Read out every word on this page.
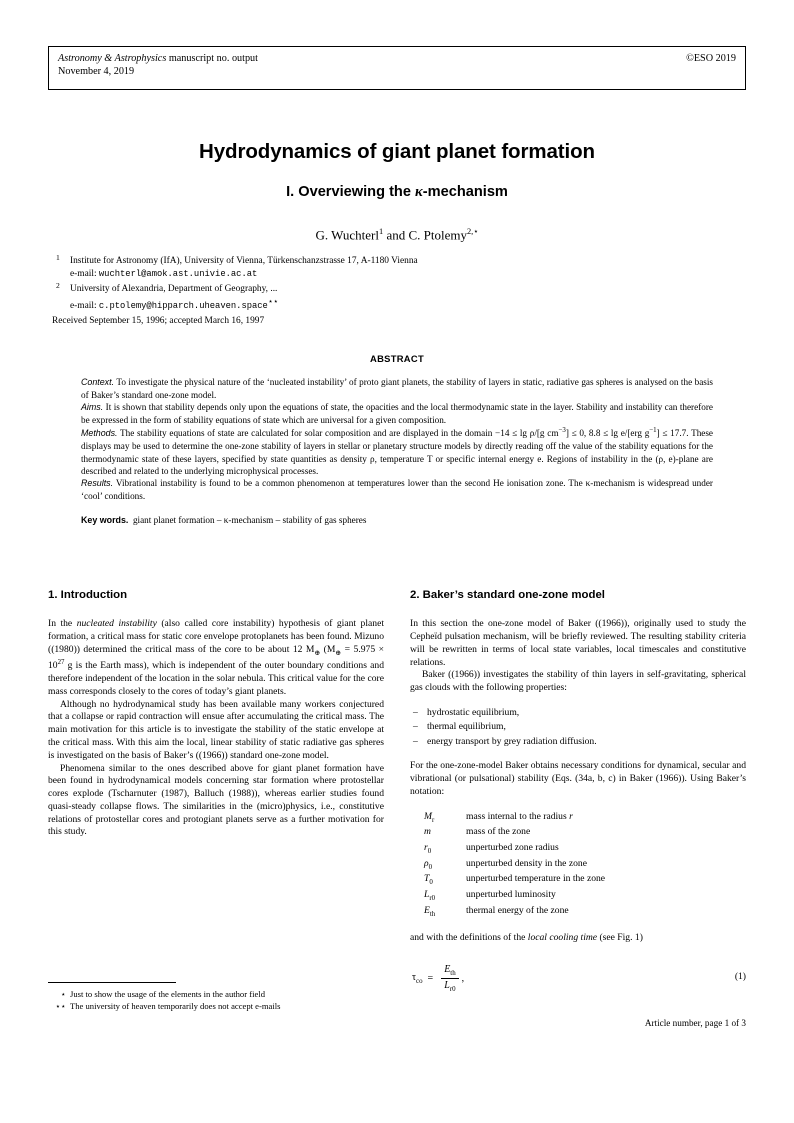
Astronomy & Astrophysics manuscript no. output
November 4, 2019
©ESO 2019
Hydrodynamics of giant planet formation
I. Overviewing the κ-mechanism
G. Wuchterl$^1$ and C. Ptolemy$^{2,⋆}$
1 Institute for Astronomy (IfA), University of Vienna, Türkenschanzstrasse 17, A-1180 Vienna
e-mail: wuchterl@amok.ast.univie.ac.at
2 University of Alexandria, Department of Geography, ...
e-mail: c.ptolemy@hipparch.uheaven.space⋆⋆
Received September 15, 1996; accepted March 16, 1997
ABSTRACT

Context. To investigate the physical nature of the ‘nucleated instability’ of proto giant planets, the stability of layers in static, radiative gas spheres is analysed on the basis of Baker’s standard one-zone model.

Aims. It is shown that stability depends only upon the equations of state, the opacities and the local thermodynamic state in the layer. Stability and instability can therefore be expressed in the form of stability equations of state which are universal for a given composition.

Methods. The stability equations of state are calculated for solar composition and are displayed in the domain −14 ≤ lg ρ/[g $cm^{-3}] \le 0$, 8.8 ≤ lg e/[erg $g^{-1}] \le 17.7$. These displays may be used to determine the one-zone stability of layers in stellar or planetary structure models by directly reading off the value of the stability equations for the thermodynamic state of these layers, specified by state quantities as density ρ, temperature T or specific internal energy e. Regions of instability in the (ρ, e)-plane are described and related to the underlying microphysical processes.

Results. Vibrational instability is found to be a common phenomenon at temperatures lower than the second He ionisation zone. The κ-mechanism is widespread under ‘cool’ conditions.

Key words. giant planet formation – κ-mechanism – stability of gas spheres

1. Introduction

In the nucleated instability (also called core instability) hypothesis of giant planet formation, a critical mass for static core envelope protoplanets has been found. Mizuno ((1980)) determined the critical mass of the core to be about 12 $M_\oplus$ ($M_\oplus = 5.975 \times 10^{27}$ g is the Earth mass), which is independent of the outer boundary conditions and therefore independent of the location in the solar nebula. This critical value for the core mass corresponds closely to the cores of today’s giant planets.

Although no hydrodynamical study has been available many workers conjectured that a collapse or rapid contraction will ensue after accumulating the critical mass. The main motivation for this article is to investigate the stability of the static envelope at the critical mass. With this aim the local, linear stability of static radiative gas spheres is investigated on the basis of Baker’s ((1966)) standard one-zone model.

Phenomena similar to the ones described above for giant planet formation have been found in hydrodynamical models concerning star formation where protostellar cores explode (Tscharnuter (1987), Balluch (1988)), whereas earlier studies found quasi-steady collapse flows. The similarities in the (micro)physics, i.e., constitutive relations of protostellar cores and protogiant planets serve as a further motivation for this study.

⋆ Just to show the usage of the elements in the author field
⋆⋆ The university of heaven temporarily does not accept e-mails
2. Baker’s standard one-zone model

In this section the one-zone model of Baker ((1966)), originally used to study the Cepheïd pulsation mechanism, will be briefly reviewed. The resulting stability criteria will be rewritten in terms of local state variables, local timescales and constitutive relations.

Baker ((1966)) investigates the stability of thin layers in self-gravitating, spherical gas clouds with the following properties:

– hydrostatic equilibrium,
– thermal equilibrium,
– energy transport by grey radiation diffusion.

For the one-zone-model Baker obtains necessary conditions for dynamical, secular and vibrational (or pulsational) stability (Eqs. (34a, b, c) in Baker (1966)). Using Baker’s notation:

$M_r$	mass internal to the radius r
m	mass of the zone
$r_0$	unperturbed zone radius
$\rho_0$	unperturbed density in the zone
$T_0$	unperturbed temperature in the zone
$L_{r0}$	unperturbed luminosity
$E_{th}$	thermal energy of the zone

and with the definitions of the local cooling time (see Fig. 1)

$\tau_{co} = \frac{E_{th}}{L_{r0}}$ ,	(1)
Article number, page 1 of 3
